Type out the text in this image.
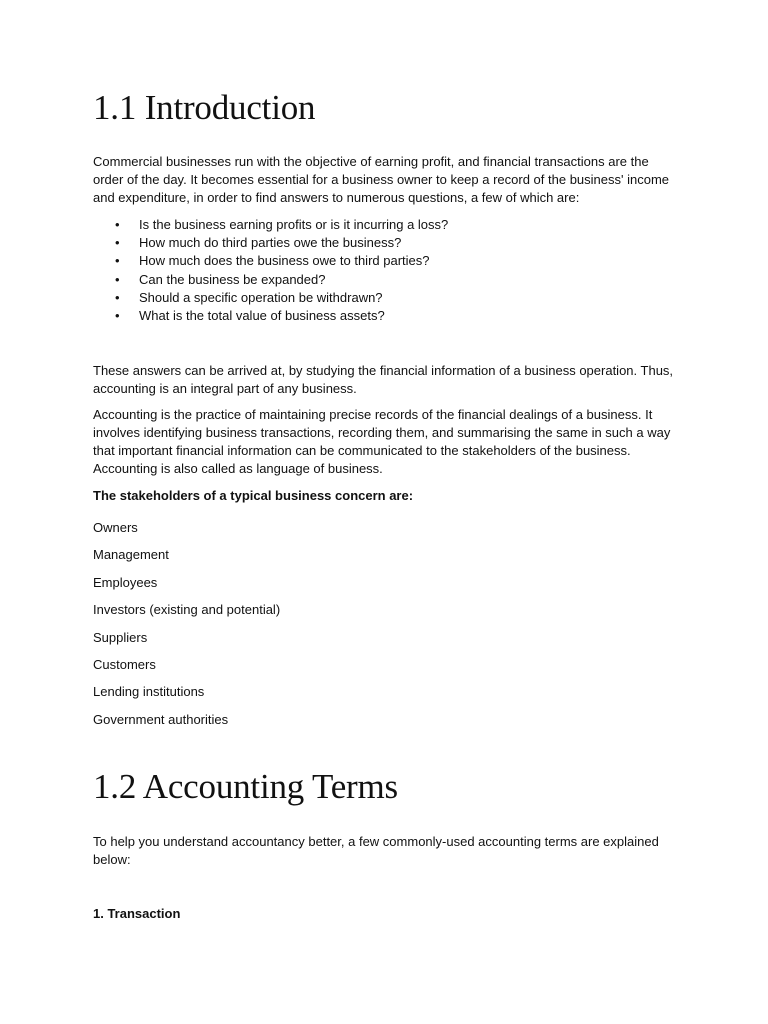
1.1 Introduction

Commercial businesses run with the objective of earning profit, and financial transactions are the order of the day. It becomes essential for a business owner to keep a record of the business' income and expenditure, in order to find answers to numerous questions, a few of which are:

• Is the business earning profits or is it incurring a loss?
• How much do third parties owe the business?
• How much does the business owe to third parties?
• Can the business be expanded?
• Should a specific operation be withdrawn?
• What is the total value of business assets?

These answers can be arrived at, by studying the financial information of a business operation. Thus, accounting is an integral part of any business.

Accounting is the practice of maintaining precise records of the financial dealings of a business. It involves identifying business transactions, recording them, and summarising the same in such a way that important financial information can be communicated to the stakeholders of the business. Accounting is also called as language of business.

The stakeholders of a typical business concern are:

Owners
Management
Employees
Investors (existing and potential)
Suppliers
Customers
Lending institutions
Government authorities
1.2 Accounting Terms

To help you understand accountancy better, a few commonly-used accounting terms are explained below:

1. Transaction
